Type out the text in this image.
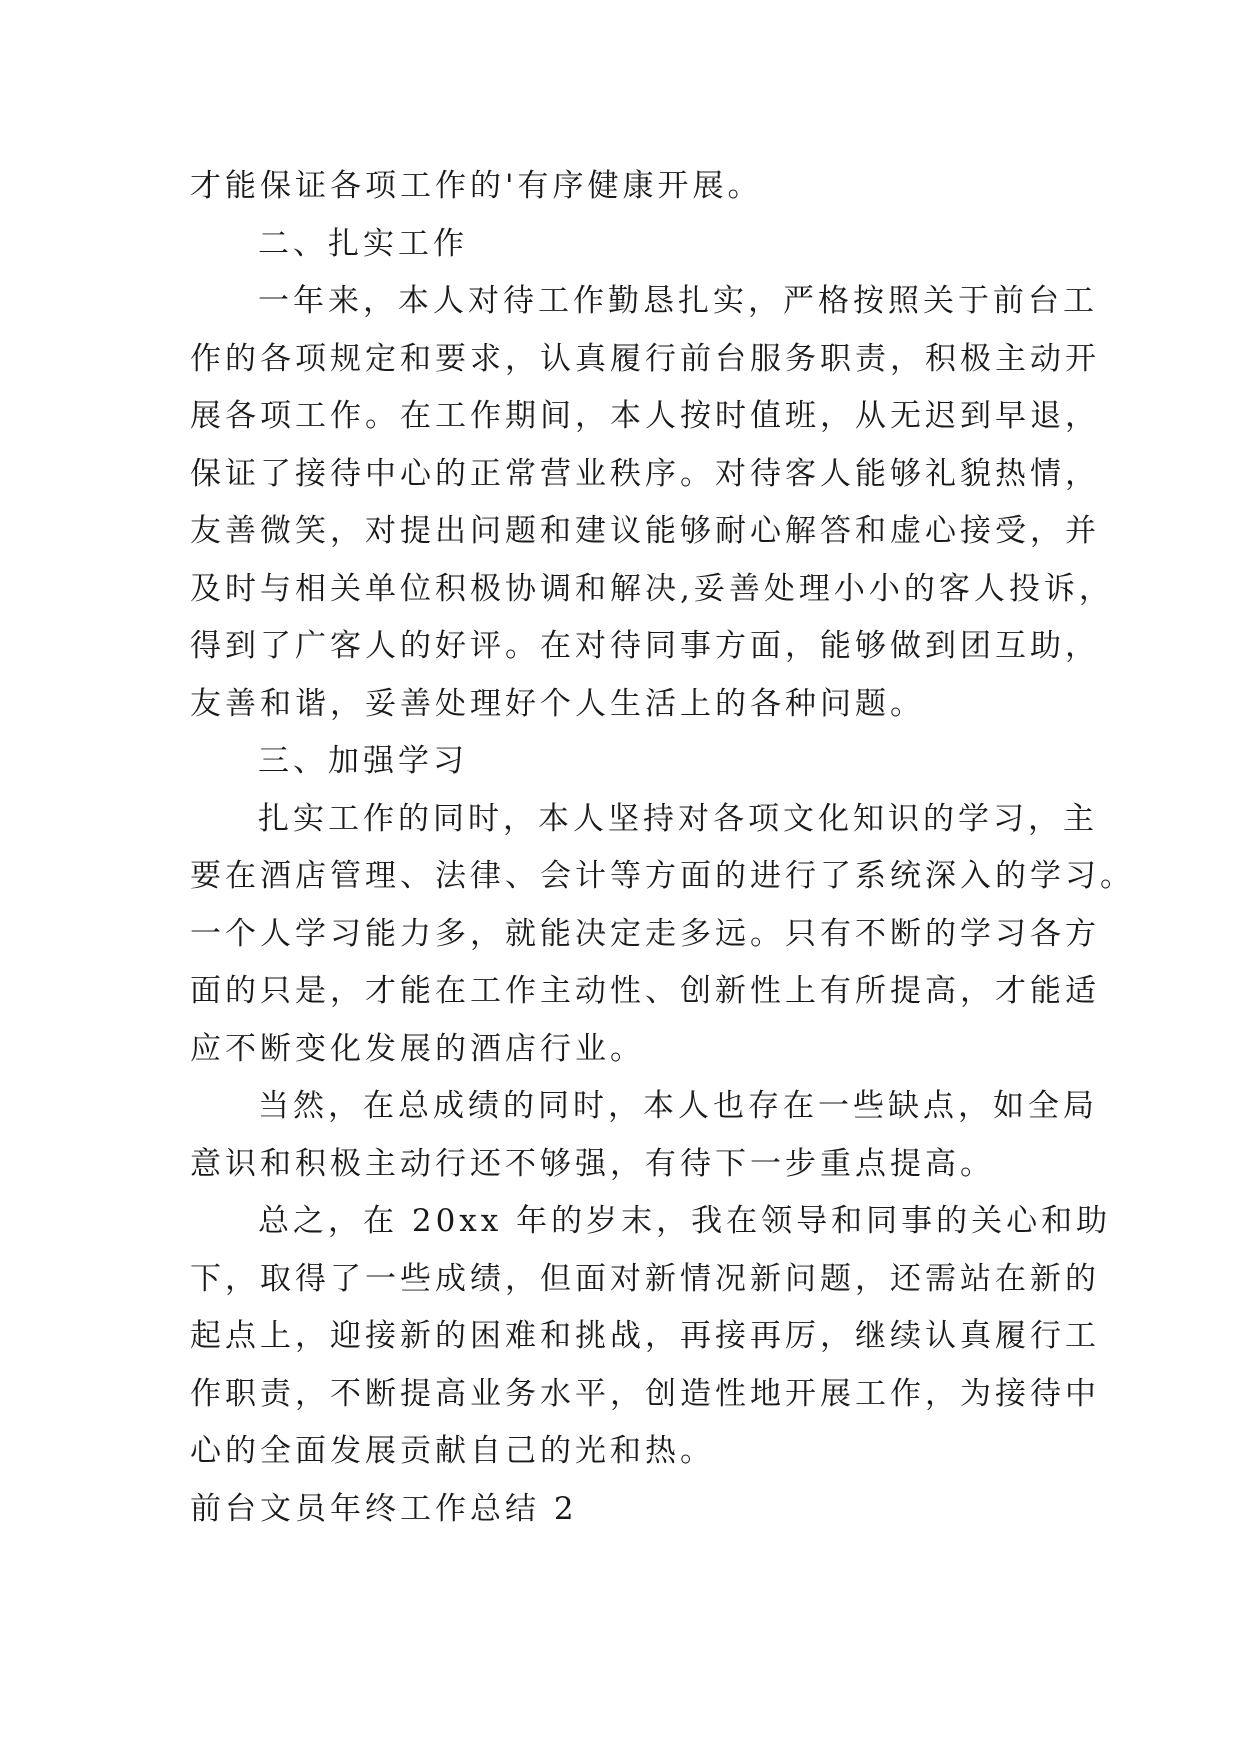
才能保证各项工作的'有序健康开展。
二、扎实工作
一年来，本人对待工作勤恳扎实，严格按照关于前台工
作的各项规定和要求，认真履行前台服务职责，积极主动开
展各项工作。在工作期间，本人按时值班，从无迟到早退，
保证了接待中心的正常营业秩序。对待客人能够礼貌热情，
友善微笑，对提出问题和建议能够耐心解答和虚心接受，并
及时与相关单位积极协调和解决,妥善处理小小的客人投诉，
得到了广客人的好评。在对待同事方面，能够做到团互助，
友善和谐，妥善处理好个人生活上的各种问题。
三、加强学习
扎实工作的同时，本人坚持对各项文化知识的学习，主
要在酒店管理、法律、会计等方面的进行了系统深入的学习。
一个人学习能力多，就能决定走多远。只有不断的学习各方
面的只是，才能在工作主动性、创新性上有所提高，才能适
应不断变化发展的酒店行业。
当然，在总成绩的同时，本人也存在一些缺点，如全局
意识和积极主动行还不够强，有待下一步重点提高。
总之，在 20xx 年的岁末，我在领导和同事的关心和助
下，取得了一些成绩，但面对新情况新问题，还需站在新的
起点上，迎接新的困难和挑战，再接再厉，继续认真履行工
作职责，不断提高业务水平，创造性地开展工作，为接待中
心的全面发展贡献自己的光和热。
前台文员年终工作总结 2
